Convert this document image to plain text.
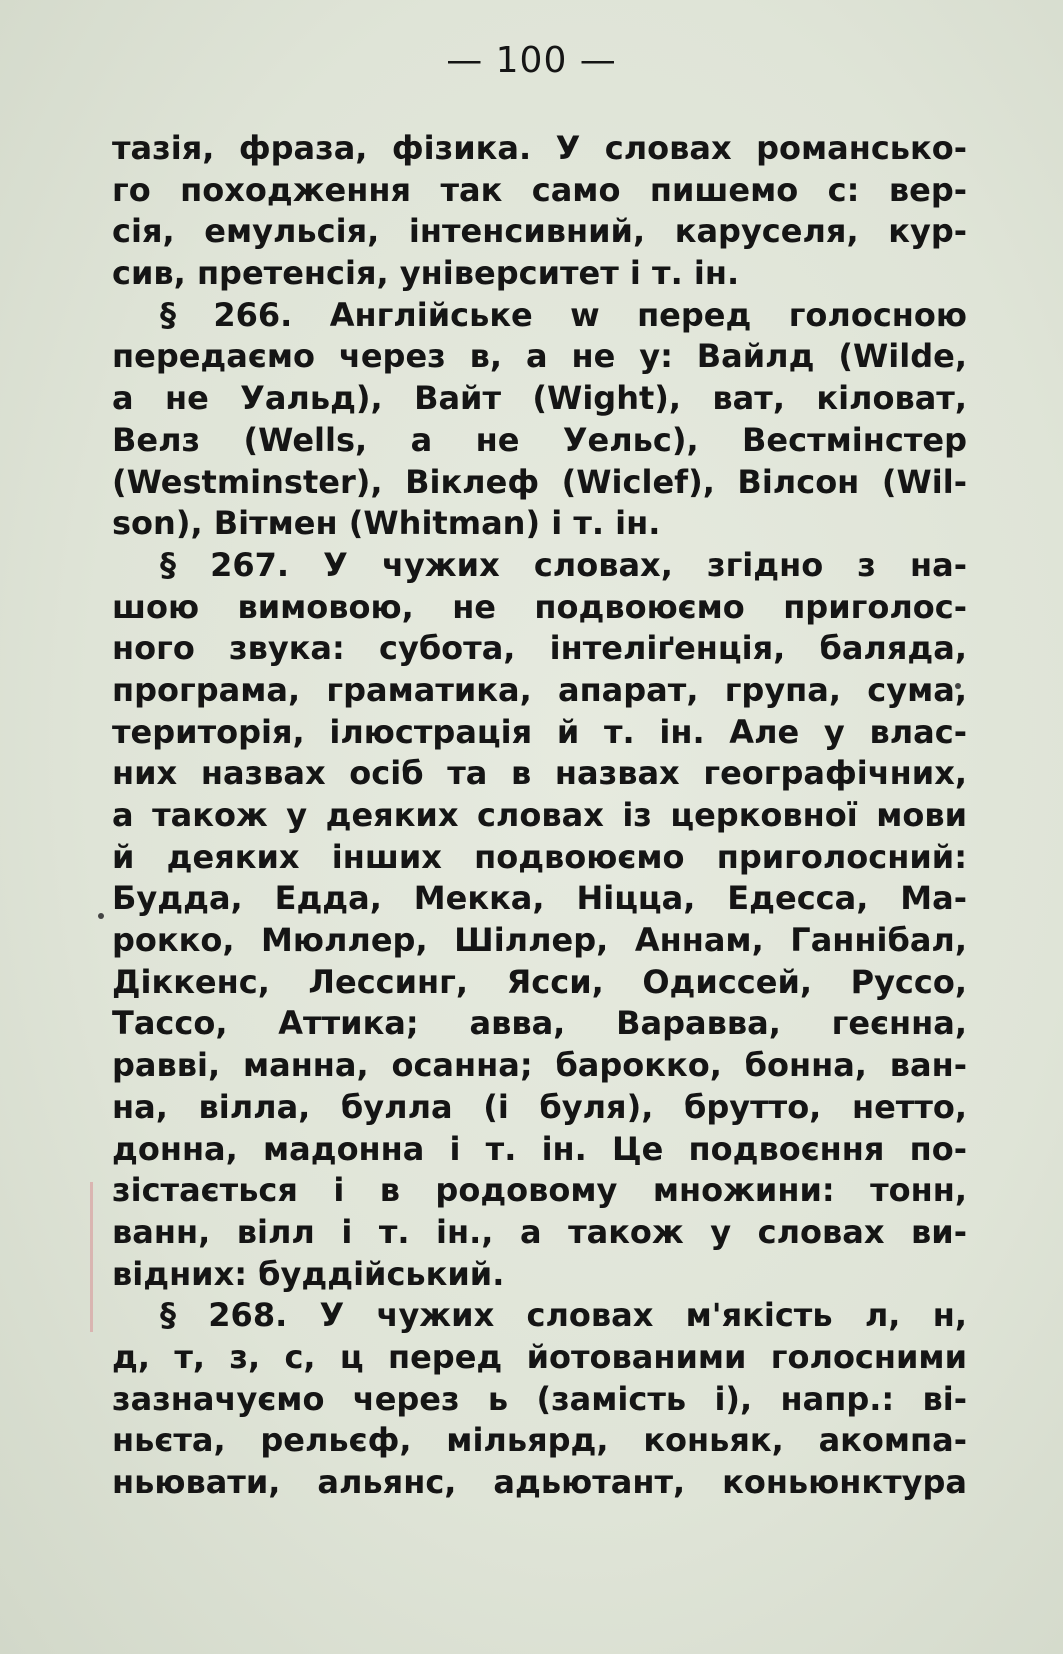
— 100 —
тазія, фраза, фізика. У словах романсько-
го походження так само пишемо с: вер-
сія, емульсія, інтенсивний, каруселя, кур-
сив, претенсія, університет і т. ін.
§ 266. Англійське w перед голосною
передаємо через в, а не у: Вайлд (Wilde,
а не Уальд), Вайт (Wight), ват, кіловат,
Велз (Wells, а не Уельс), Вестмінстер
(Westminster), Віклеф (Wiclef), Вілсон (Wil-
son), Вітмен (Whitman) і т. ін.
§ 267. У чужих словах, згідно з на-
шою вимовою, не подвоюємо приголос-
ного звука: субота, інтеліґенція, баляда,
програма, граматика, апарат, група, сума,
територія, ілюстрація й т. ін. Але у влас-
них назвах осіб та в назвах географічних,
а також у деяких словах із церковної мови
й деяких інших подвоюємо приголосний:
Будда, Едда, Мекка, Ніцца, Едесса, Ма-
рокко, Мюллер, Шіллер, Аннам, Ганнібал,
Діккенс, Лессинг, Ясси, Одиссей, Руссо,
Тассо, Аттика; авва, Варавва, геєнна,
раввi, манна, осанна; барокко, бонна, ван-
на, вілла, булла (і буля), брутто, нетто,
донна, мадонна і т. ін. Це подвоєння по-
зістається і в родовому множини: тонн,
ванн, вілл і т. ін., а також у словах ви-
відних: буддійський.
§ 268. У чужих словах м'якість л, н,
д, т, з, с, ц перед йотованими голосними
зазначуємо через ь (замість і), напр.: ві-
ньєта, рельєф, мільярд, коньяк, акомпа-
ньювати, альянс, адьютант, коньюнктура
